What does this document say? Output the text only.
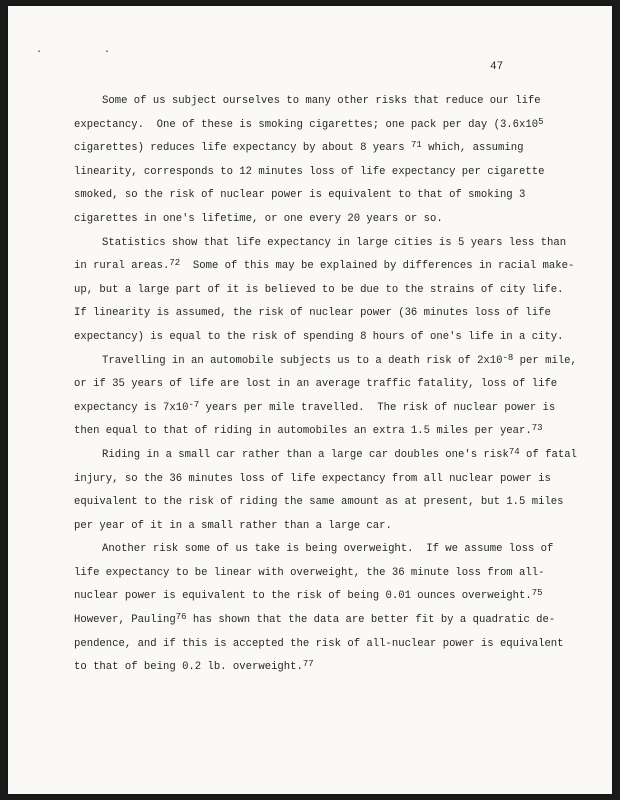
. .
47
Some of us subject ourselves to many other risks that reduce our life
expectancy.  One of these is smoking cigarettes; one pack per day ($3.6x10^5$
cigarettes) reduces life expectancy by about 8 years $^{71}$ which, assuming
linearity, corresponds to 12 minutes loss of life expectancy per cigarette
smoked, so the risk of nuclear power is equivalent to that of smoking 3
cigarettes in one's lifetime, or one every 20 years or so.
Statistics show that life expectancy in large cities is 5 years less than
in rural areas.$^{72}$  Some of this may be explained by differences in racial make-
up, but a large part of it is believed to be due to the strains of city life.
If linearity is assumed, the risk of nuclear power (36 minutes loss of life
expectancy) is equal to the risk of spending 8 hours of one's life in a city.
Travelling in an automobile subjects us to a death risk of $2x10^{-8}$ per mile,
or if 35 years of life are lost in an average traffic fatality, loss of life
expectancy is $7x10^{-7}$ years per mile travelled.  The risk of nuclear power is
then equal to that of riding in automobiles an extra 1.5 miles per year.$^{73}$
Riding in a small car rather than a large car doubles one's risk$^{74}$ of fatal
injury, so the 36 minutes loss of life expectancy from all nuclear power is
equivalent to the risk of riding the same amount as at present, but 1.5 miles
per year of it in a small rather than a large car.
Another risk some of us take is being overweight.  If we assume loss of
life expectancy to be linear with overweight, the 36 minute loss from all-
nuclear power is equivalent to the risk of being 0.01 ounces overweight.$^{75}$
However, Pauling$^{76}$ has shown that the data are better fit by a quadratic de-
pendence, and if this is accepted the risk of all-nuclear power is equivalent
to that of being 0.2 lb. overweight.$^{77}$
